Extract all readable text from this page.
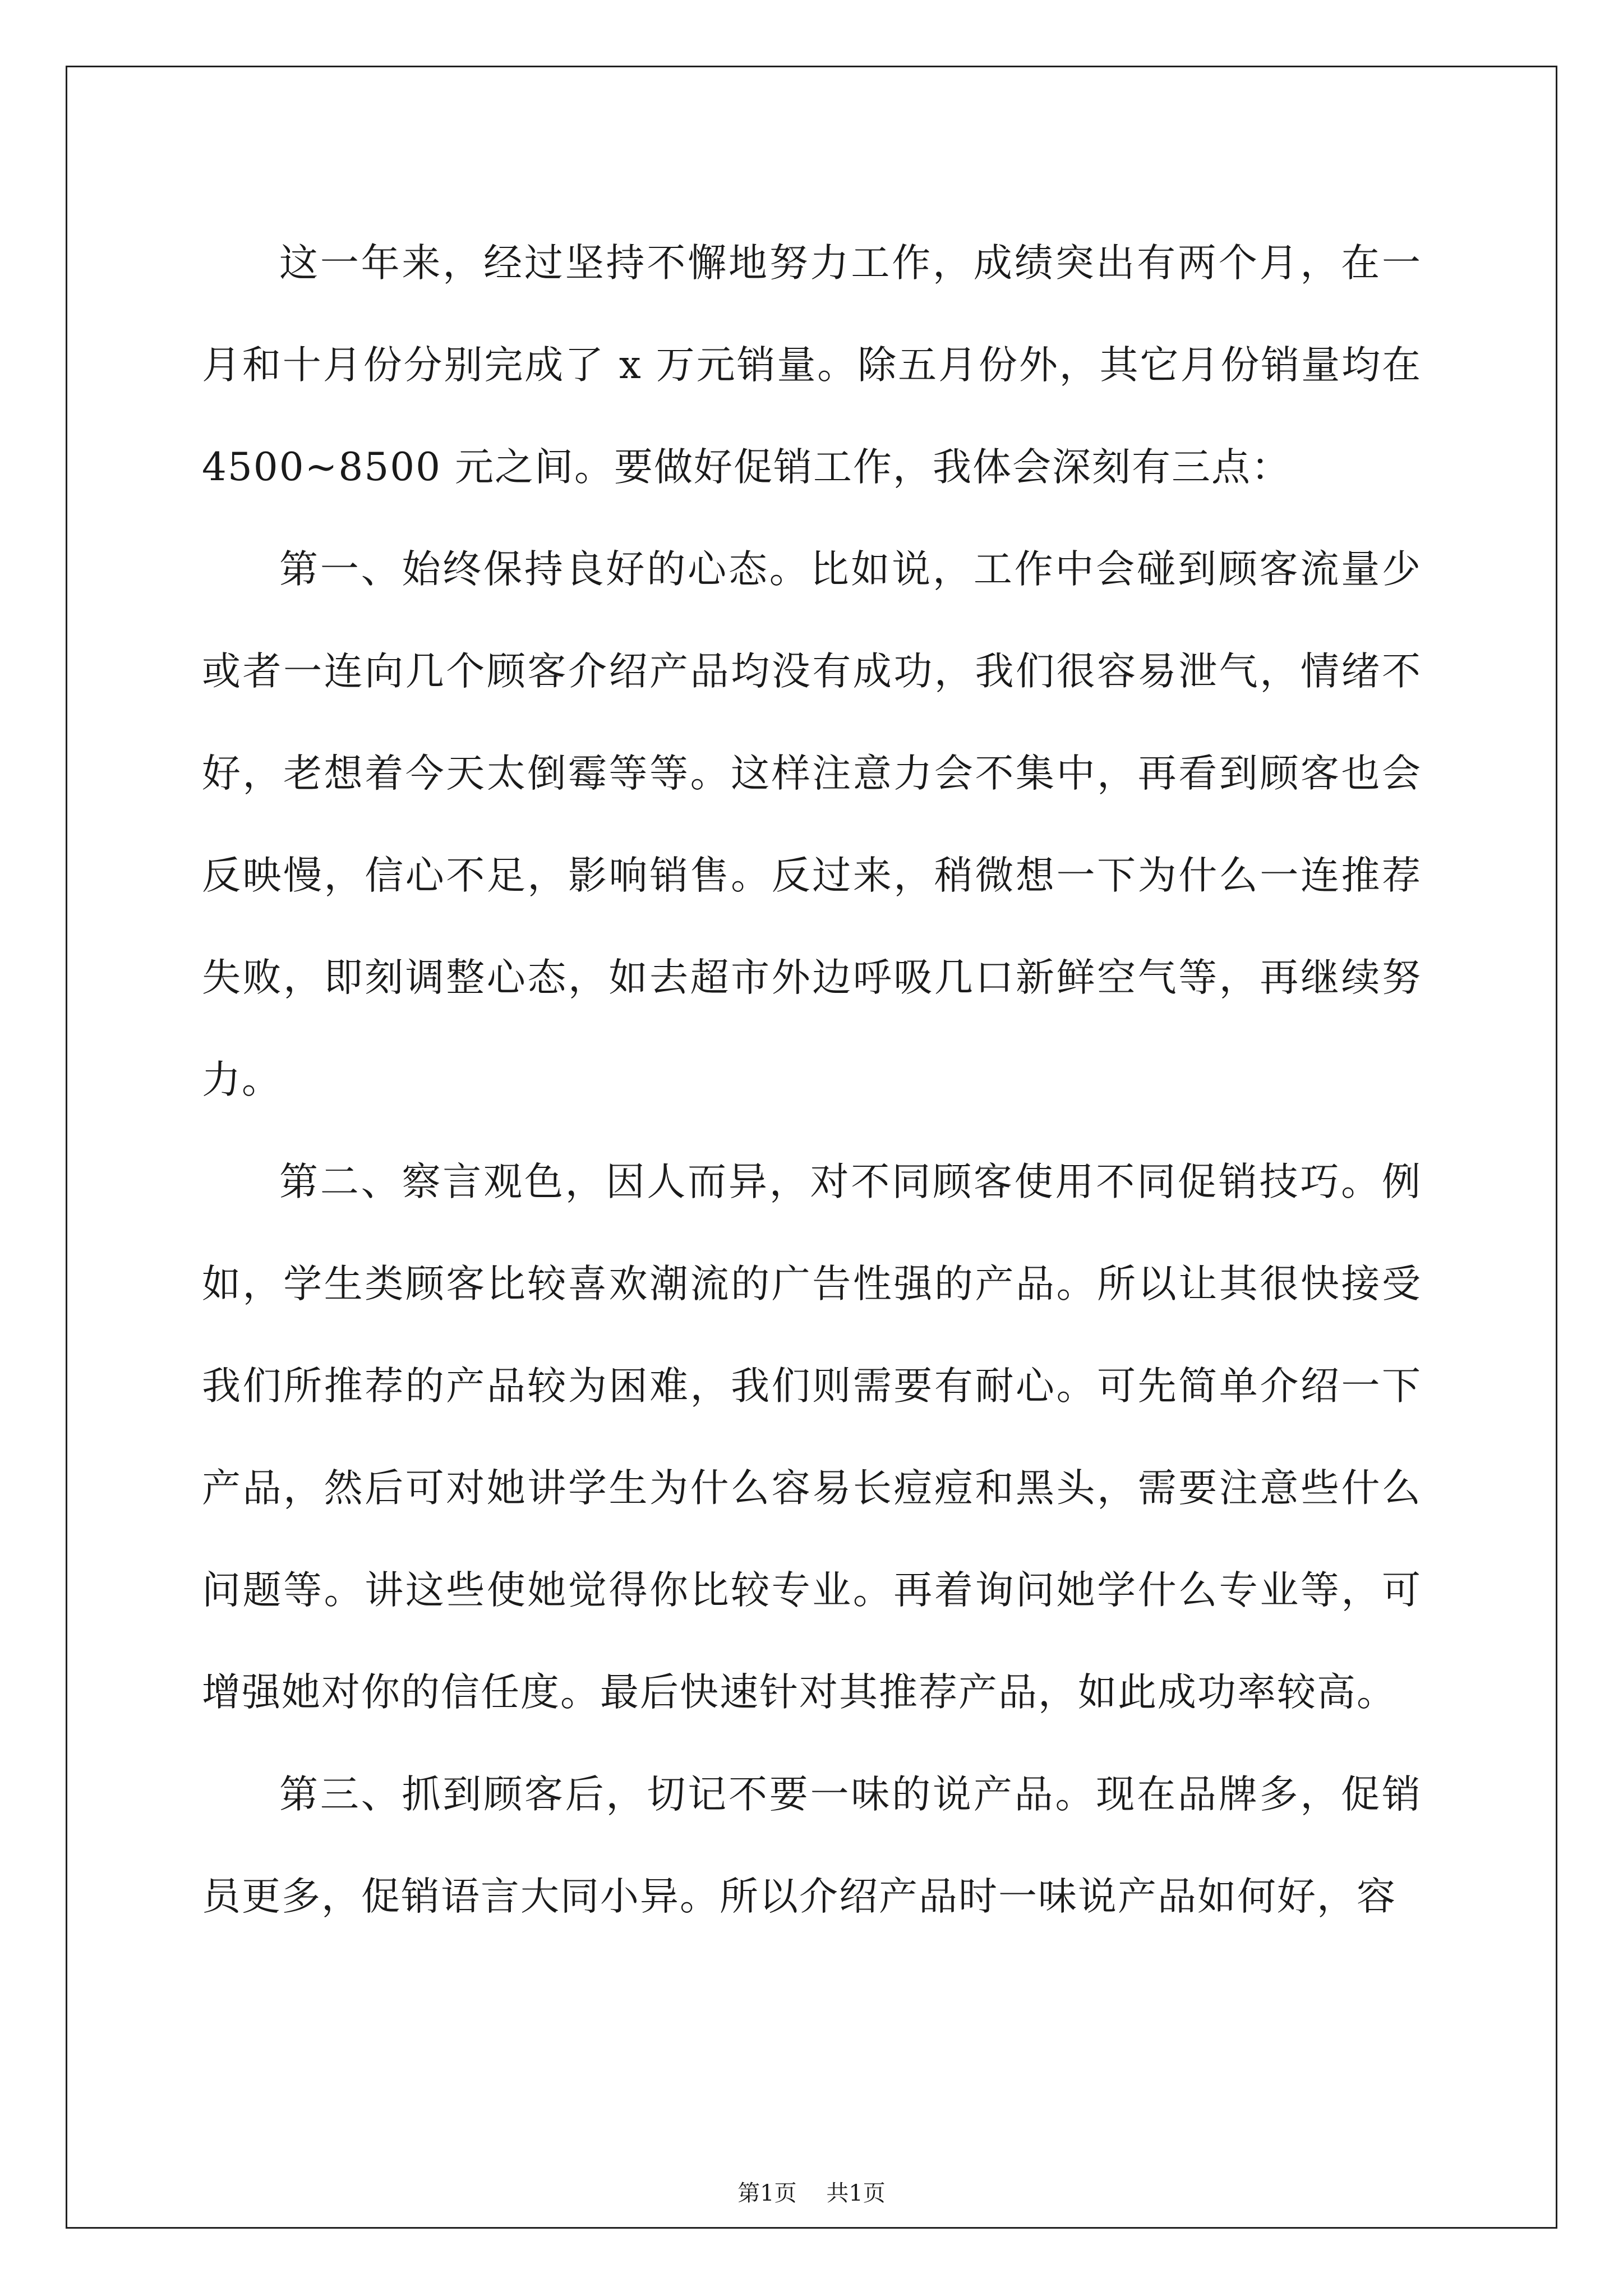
这一年来，经过坚持不懈地努力工作，成绩突出有两个月，在一月和十月份分别完成了 x 万元销量。除五月份外，其它月份销量均在4500~8500 元之间。要做好促销工作，我体会深刻有三点：

第一、始终保持良好的心态。比如说，工作中会碰到顾客流量少或者一连向几个顾客介绍产品均没有成功，我们很容易泄气，情绪不好，老想着今天太倒霉等等。这样注意力会不集中，再看到顾客也会反映慢，信心不足，影响销售。反过来，稍微想一下为什么一连推荐失败，即刻调整心态，如去超市外边呼吸几口新鲜空气等，再继续努力。

第二、察言观色，因人而异，对不同顾客使用不同促销技巧。例如，学生类顾客比较喜欢潮流的广告性强的产品。所以让其很快接受我们所推荐的产品较为困难，我们则需要有耐心。可先简单介绍一下产品，然后可对她讲学生为什么容易长痘痘和黑头，需要注意些什么问题等。讲这些使她觉得你比较专业。再着询问她学什么专业等，可增强她对你的信任度。最后快速针对其推荐产品，如此成功率较高。

第三、抓到顾客后，切记不要一味的说产品。现在品牌多，促销员更多，促销语言大同小异。所以介绍产品时一味说产品如何好，容

第1页 共1页
